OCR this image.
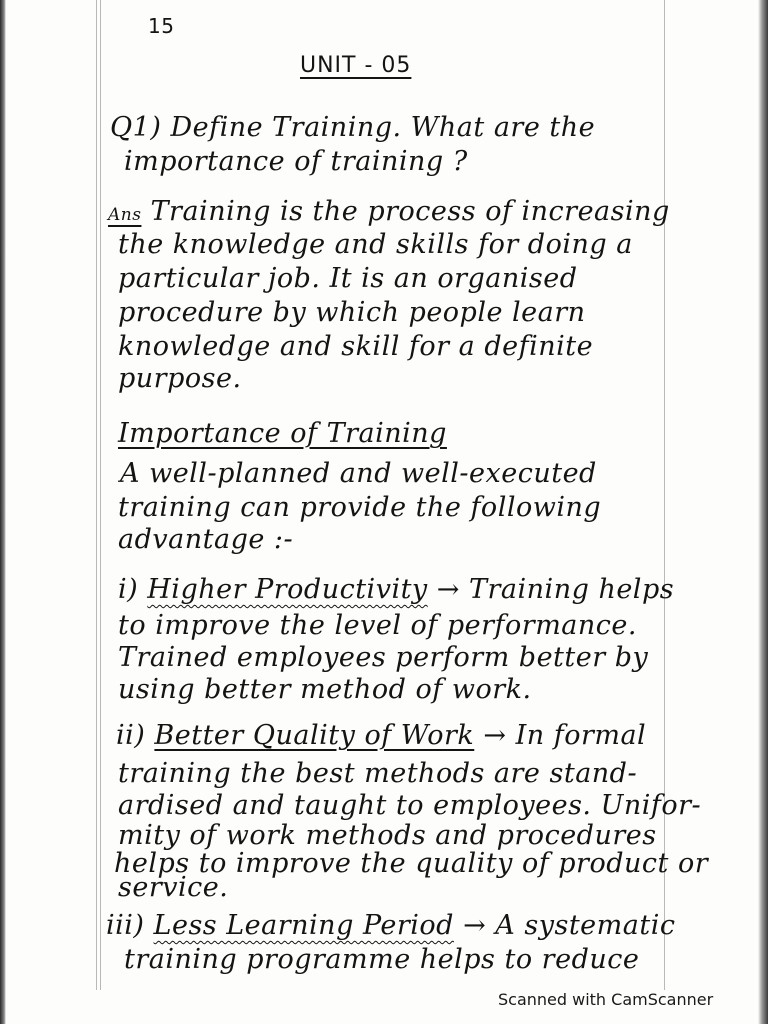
15
UNIT - 05
Q1) Define Training. What are the
importance of training ?
Ans Training is the process of increasing
the knowledge and skills for doing a
particular job. It is an organised
procedure by which people learn
knowledge and skill for a definite
purpose.
Importance of Training
A well-planned and well-executed
training can provide the following
advantage :-
i) Higher Productivity → Training helps
to improve the level of performance.
Trained employees perform better by
using better method of work.
ii) Better Quality of Work → In formal
training the best methods are stand-
ardised and taught to employees. Unifor-
mity of work methods and procedures
helps to improve the quality of product or
service.
iii) Less Learning Period → A systematic
training programme helps to reduce
Scanned with CamScanner
